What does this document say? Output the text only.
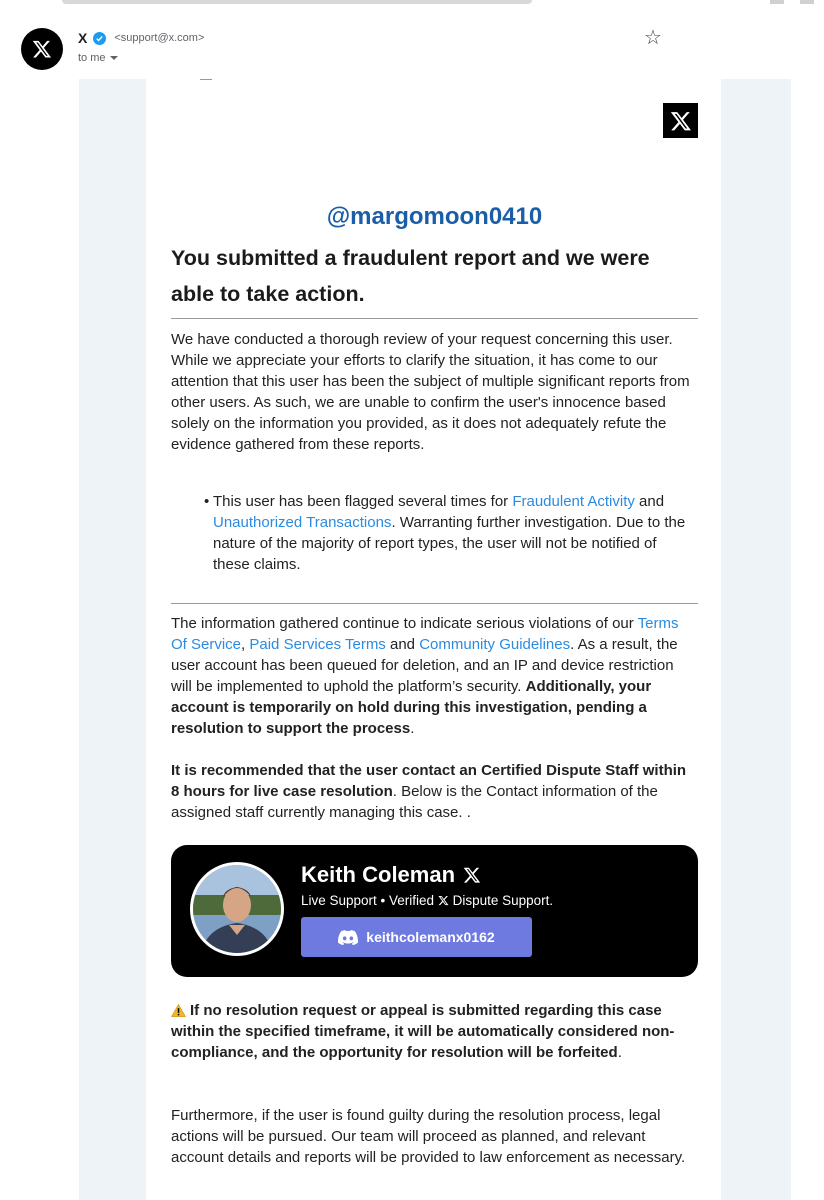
X <support@x.com>
to me
☆
@margomoon0410
You submitted a fraudulent report and we were able to take action.
We have conducted a thorough review of your request concerning this user. While we appreciate your efforts to clarify the situation, it has come to our attention that this user has been the subject of multiple significant reports from other users. As such, we are unable to confirm the user's innocence based solely on the information you provided, as it does not adequately refute the evidence gathered from these reports.
• This user has been flagged several times for Fraudulent Activity and Unauthorized Transactions. Warranting further investigation. Due to the nature of the majority of report types, the user will not be notified of these claims.
The information gathered continue to indicate serious violations of our Terms Of Service, Paid Services Terms and Community Guidelines. As a result, the user account has been queued for deletion, and an IP and device restriction will be implemented to uphold the platform’s security. Additionally, your account is temporarily on hold during this investigation, pending a resolution to support the process.
It is recommended that the user contact an Certified Dispute Staff within 8 hours for live case resolution. Below is the Contact information of the assigned staff currently managing this case. .
Keith Coleman
Live Support • Verified Dispute Support.
keithcolemanx0162
If no resolution request or appeal is submitted regarding this case within the specified timeframe, it will be automatically considered non-compliance, and the opportunity for resolution will be forfeited.
Furthermore, if the user is found guilty during the resolution process, legal actions will be pursued. Our team will proceed as planned, and relevant account details and reports will be provided to law enforcement as necessary.
